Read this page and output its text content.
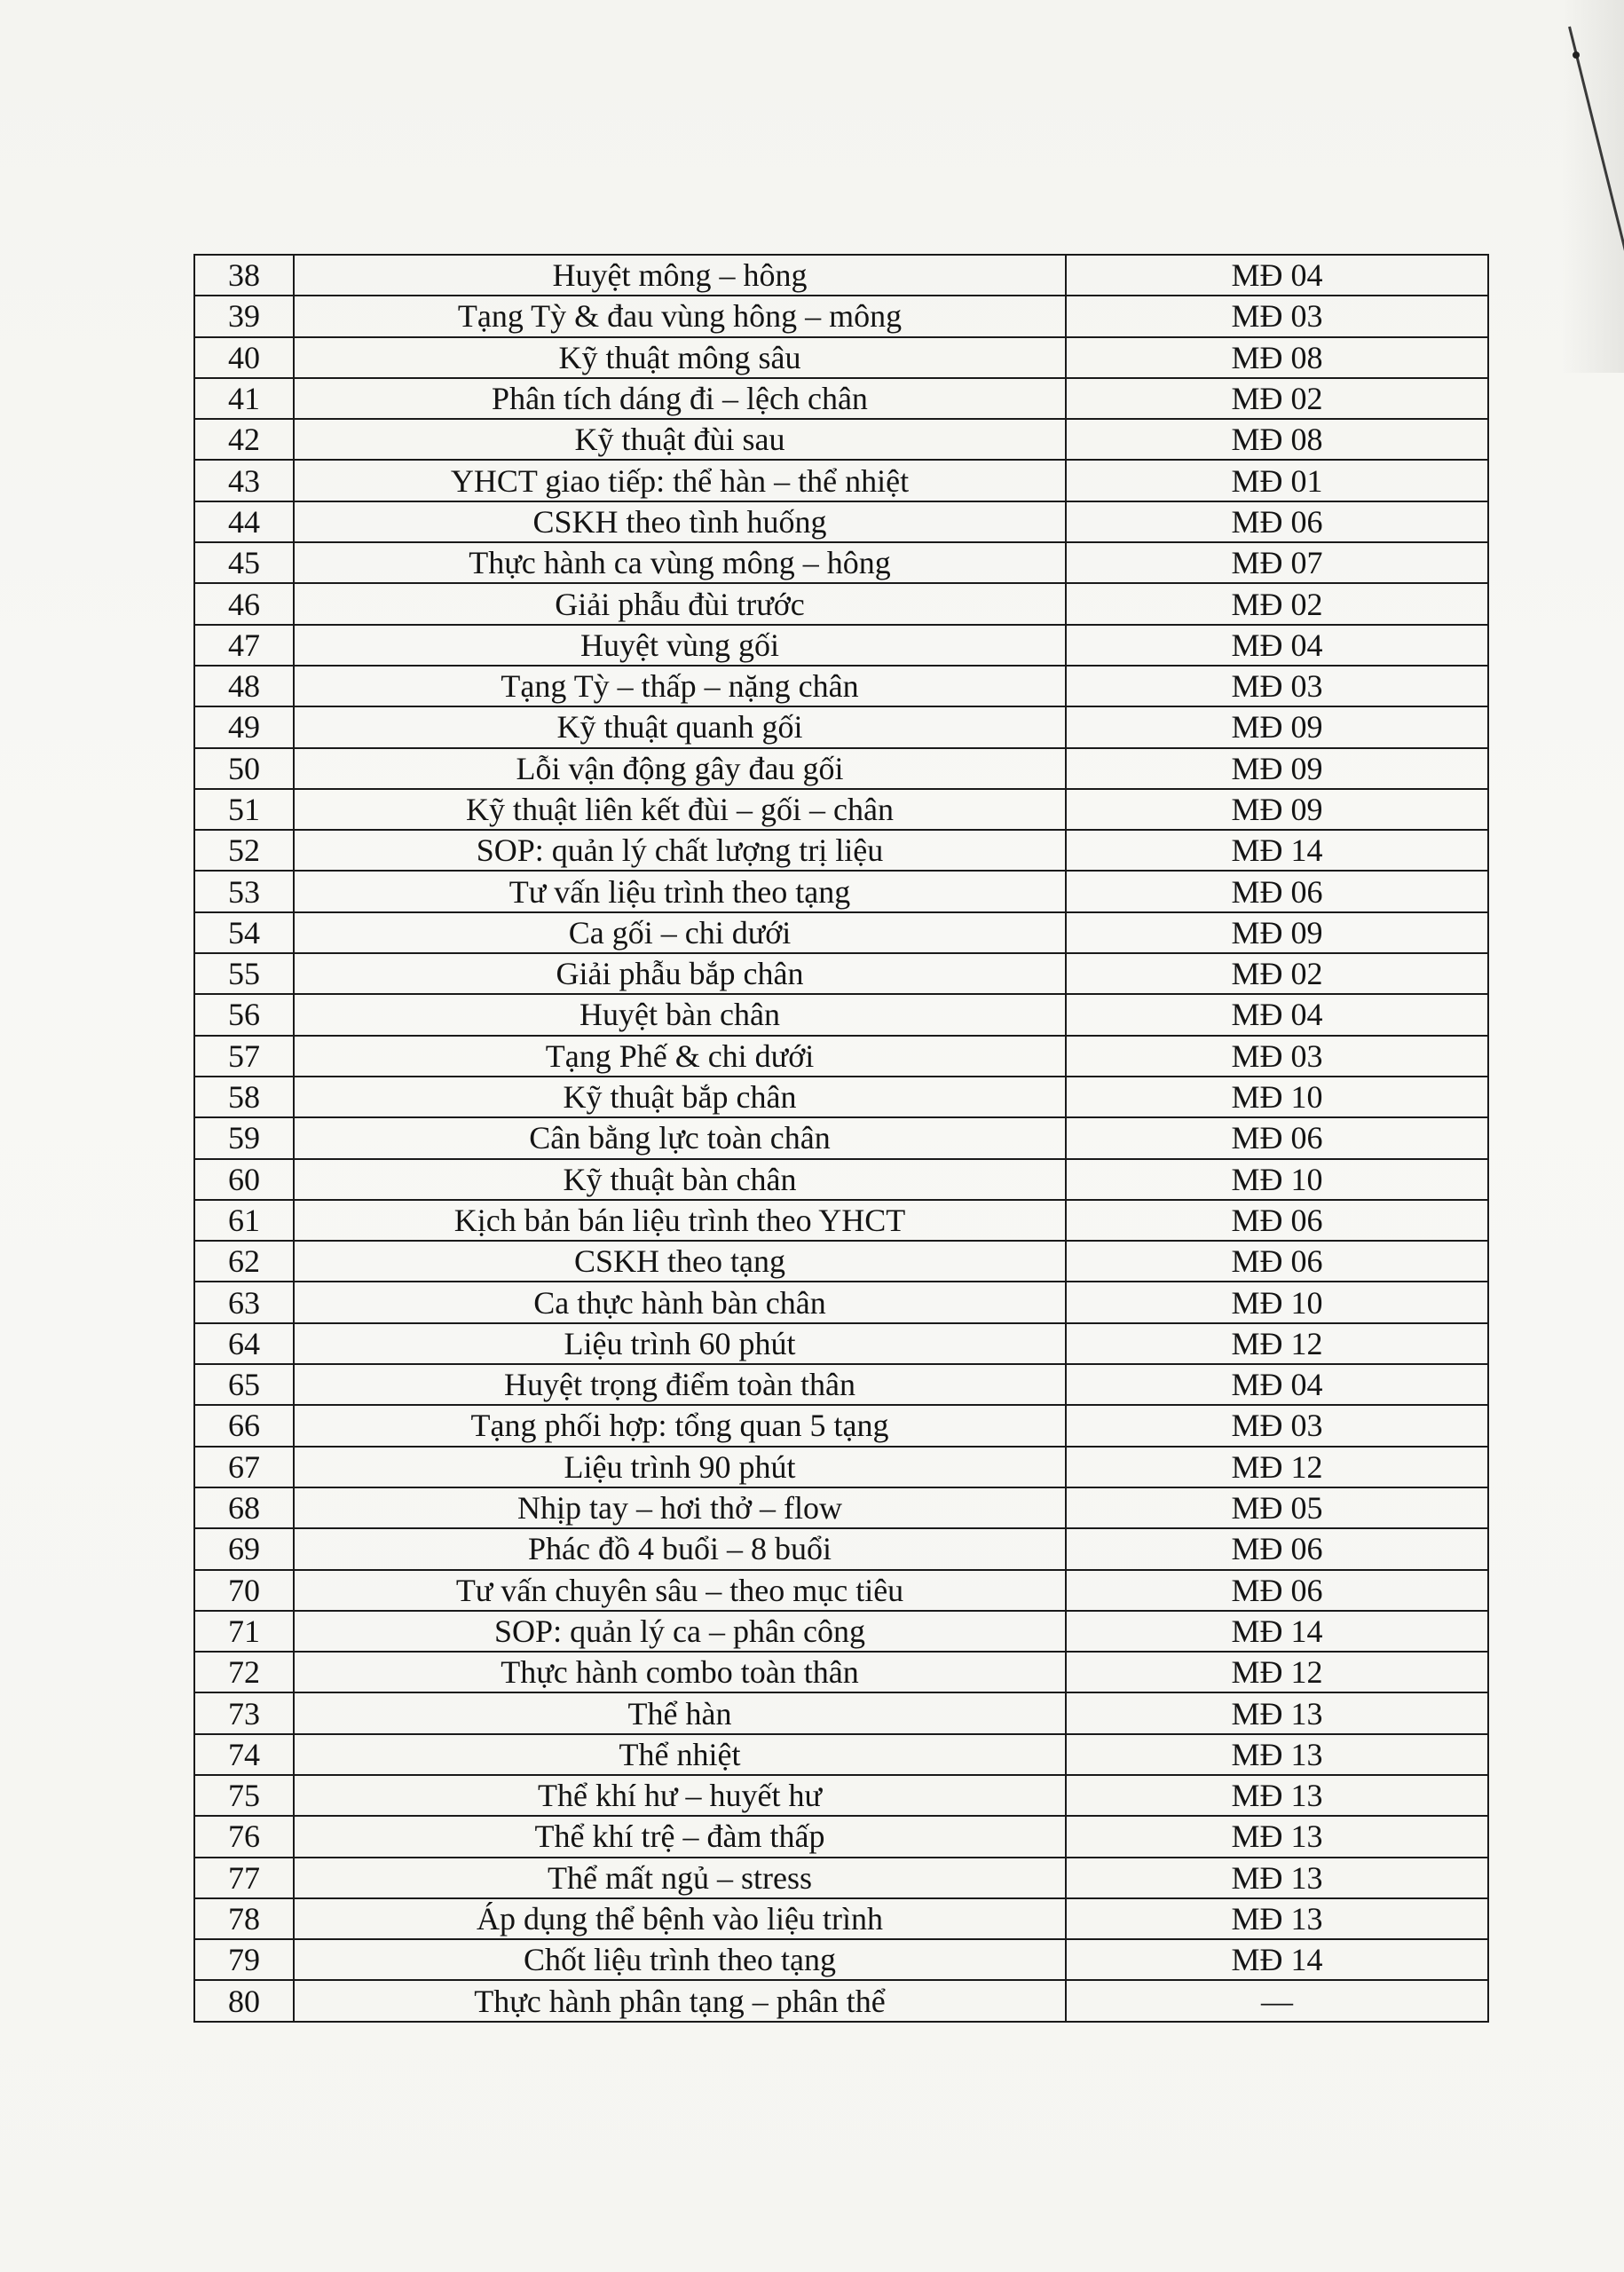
38	Huyệt mông – hông	MĐ 04
39	Tạng Tỳ & đau vùng hông – mông	MĐ 03
40	Kỹ thuật mông sâu	MĐ 08
41	Phân tích dáng đi – lệch chân	MĐ 02
42	Kỹ thuật đùi sau	MĐ 08
43	YHCT giao tiếp: thể hàn – thể nhiệt	MĐ 01
44	CSKH theo tình huống	MĐ 06
45	Thực hành ca vùng mông – hông	MĐ 07
46	Giải phẫu đùi trước	MĐ 02
47	Huyệt vùng gối	MĐ 04
48	Tạng Tỳ – thấp – nặng chân	MĐ 03
49	Kỹ thuật quanh gối	MĐ 09
50	Lỗi vận động gây đau gối	MĐ 09
51	Kỹ thuật liên kết đùi – gối – chân	MĐ 09
52	SOP: quản lý chất lượng trị liệu	MĐ 14
53	Tư vấn liệu trình theo tạng	MĐ 06
54	Ca gối – chi dưới	MĐ 09
55	Giải phẫu bắp chân	MĐ 02
56	Huyệt bàn chân	MĐ 04
57	Tạng Phế & chi dưới	MĐ 03
58	Kỹ thuật bắp chân	MĐ 10
59	Cân bằng lực toàn chân	MĐ 06
60	Kỹ thuật bàn chân	MĐ 10
61	Kịch bản bán liệu trình theo YHCT	MĐ 06
62	CSKH theo tạng	MĐ 06
63	Ca thực hành bàn chân	MĐ 10
64	Liệu trình 60 phút	MĐ 12
65	Huyệt trọng điểm toàn thân	MĐ 04
66	Tạng phối hợp: tổng quan 5 tạng	MĐ 03
67	Liệu trình 90 phút	MĐ 12
68	Nhịp tay – hơi thở – flow	MĐ 05
69	Phác đồ 4 buổi – 8 buổi	MĐ 06
70	Tư vấn chuyên sâu – theo mục tiêu	MĐ 06
71	SOP: quản lý ca – phân công	MĐ 14
72	Thực hành combo toàn thân	MĐ 12
73	Thể hàn	MĐ 13
74	Thể nhiệt	MĐ 13
75	Thể khí hư – huyết hư	MĐ 13
76	Thể khí trệ – đàm thấp	MĐ 13
77	Thể mất ngủ – stress	MĐ 13
78	Áp dụng thể bệnh vào liệu trình	MĐ 13
79	Chốt liệu trình theo tạng	MĐ 14
80	Thực hành phân tạng – phân thể	—
